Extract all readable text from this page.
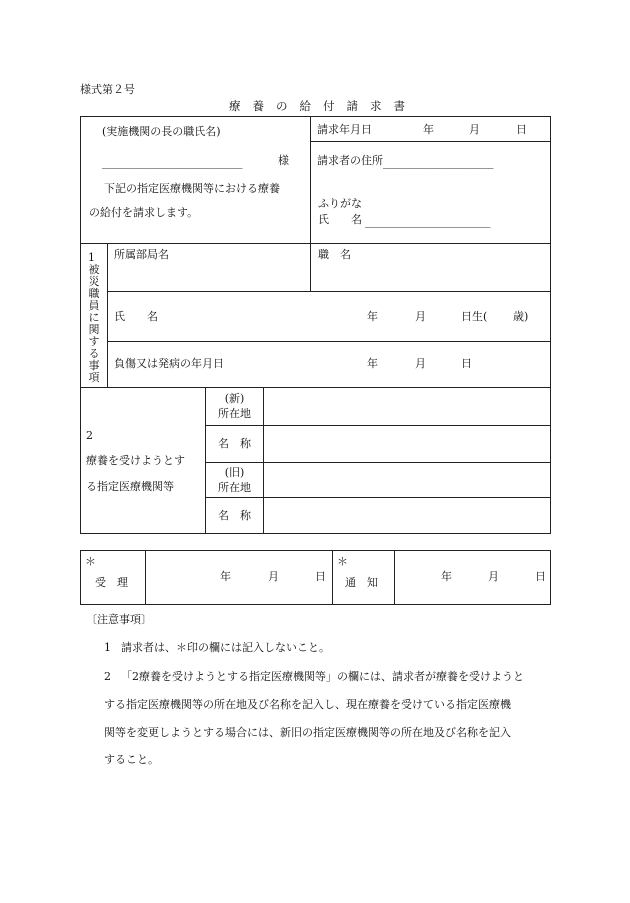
様式第２号
療養の給付請求書
(実施機関の長の職氏名)
____________________________	様
下記の指定医療機関等における療養
の給付を請求します。
請求年月日	年	月	日
請求者の住所 ______________________
ふりがな
氏　　名 _________________________
1
被災職員に関する事項
所属部局名	職　名
氏　　名	年	月	日生( 歳)
負傷又は発病の年月日	年	月	日
2
療養を受けようとす
る指定医療機関等
(新)
所在地
名　称
(旧)
所在地
名　称
＊
受　理	年	月	日
＊
通　知	年	月	日
〔注意事項〕
1 請求者は、＊印の欄には記入しないこと。
2 「2療養を受けようとする指定医療機関等」の欄には、請求者が療養を受けようと
する指定医療機関等の所在地及び名称を記入し、現在療養を受けている指定医療機
関等を変更しようとする場合には、新旧の指定医療機関等の所在地及び名称を記入
すること。
